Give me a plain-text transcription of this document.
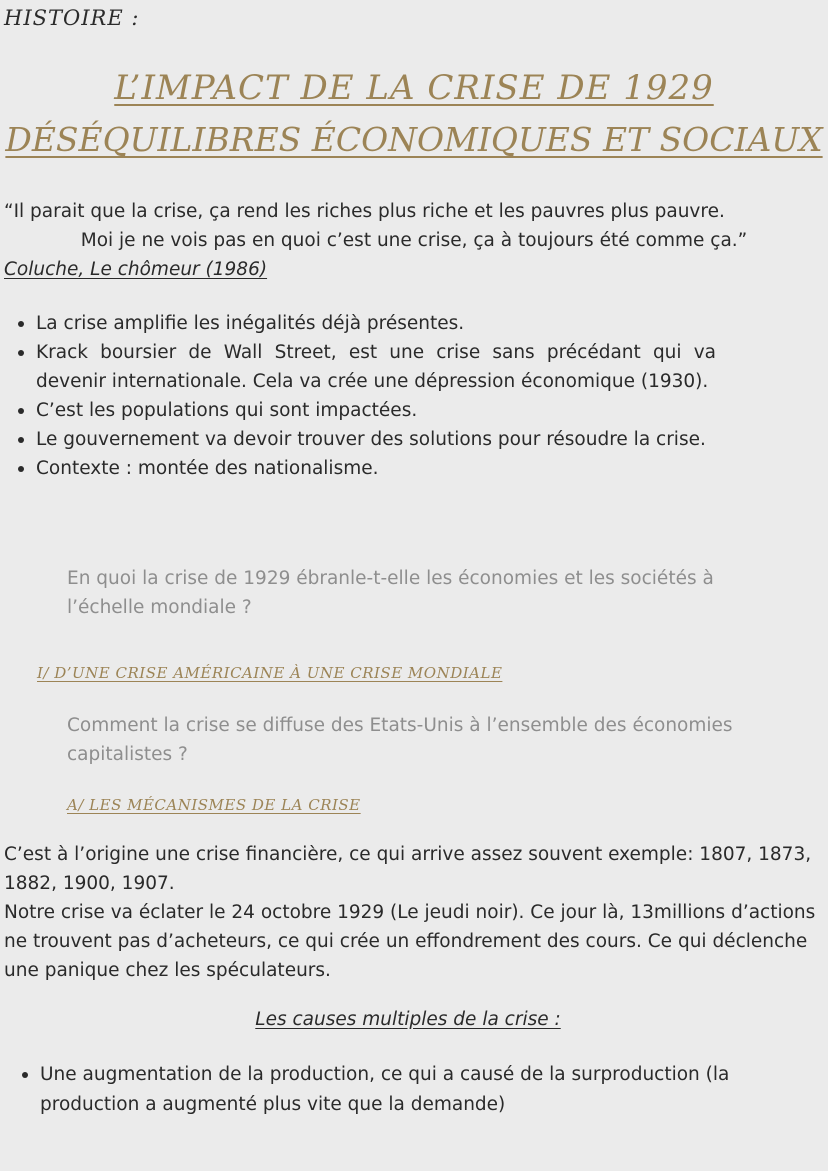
HISTOIRE :
L’IMPACT DE LA CRISE DE 1929
DÉSÉQUILIBRES ÉCONOMIQUES ET SOCIAUX
“Il parait que la crise, ça rend les riches plus riche et les pauvres plus pauvre.
Moi je ne vois pas en quoi c’est une crise, ça à toujours été comme ça.”
Coluche, Le chômeur (1986)
La crise amplifie les inégalités déjà présentes.
Krack boursier de Wall Street, est une crise sans précédant qui va devenir internationale. Cela va crée une dépression économique (1930).
C’est les populations qui sont impactées.
Le gouvernement va devoir trouver des solutions pour résoudre la crise.
Contexte : montée des nationalisme.
En quoi la crise de 1929 ébranle-t-elle les économies et les sociétés à l’échelle mondiale ?
I/ D’UNE CRISE AMÉRICAINE À UNE CRISE MONDIALE
Comment la crise se diffuse des Etats-Unis à l’ensemble des économies capitalistes ?
A/ LES MÉCANISMES DE LA CRISE
C’est à l’origine une crise financière, ce qui arrive assez souvent exemple: 1807, 1873, 1882, 1900, 1907.
Notre crise va éclater le 24 octobre 1929 (Le jeudi noir). Ce jour là, 13millions d’actions ne trouvent pas d’acheteurs, ce qui crée un effondrement des cours. Ce qui déclenche une panique chez les spéculateurs.
Les causes multiples de la crise :
Une augmentation de la production, ce qui a causé de la surproduction (la production a augmenté plus vite que la demande)
